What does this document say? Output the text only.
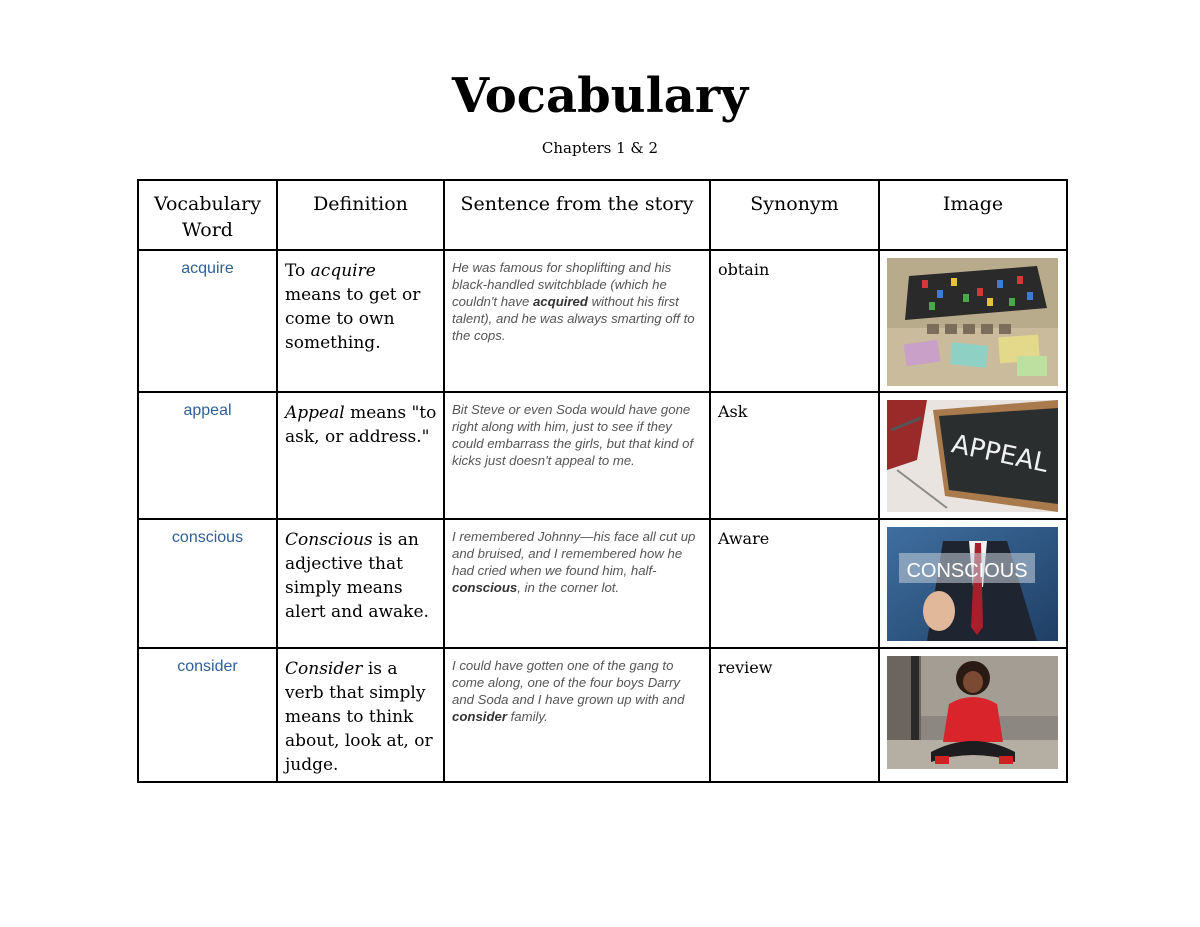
Vocabulary
Chapters 1 & 2
Vocabulary Word	Definition	Sentence from the story	Synonym	Image
acquire	To acquire means to get or come to own something.	He was famous for shoplifting and his black-handled switchblade (which he couldn't have acquired without his first talent), and he was always smarting off to the cops.	obtain	

appeal	Appeal means "to ask, or address."	Bit Steve or even Soda would have gone right along with him, just to see if they could embarrass the girls, but that kind of kicks just doesn't appeal to me.	Ask	APPEAL

conscious	Conscious is an adjective that simply means alert and awake.	I remembered Johnny—his face all cut up and bruised, and I remembered how he had cried when we found him, half- conscious, in the corner lot.	Aware	CONSCIOUS

consider	Consider is a verb that simply means to think about, look at, or judge.	I could have gotten one of the gang to come along, one of the four boys Darry and Soda and I have grown up with and consider family.	review	
